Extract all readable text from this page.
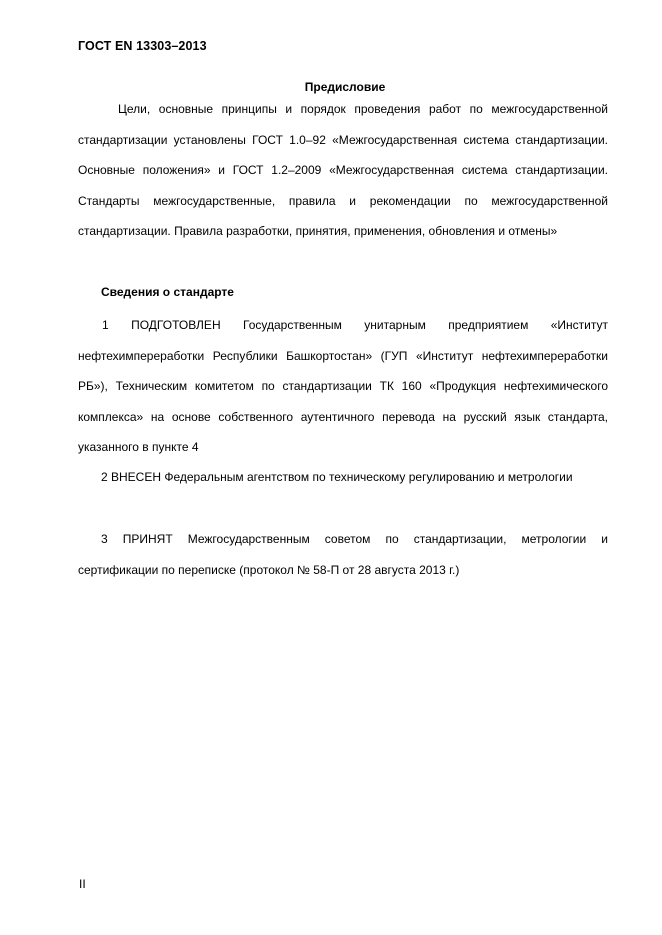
ГОСТ EN 13303–2013
Предисловие
Цели, основные принципы и порядок проведения работ по межгосударственной стандартизации установлены ГОСТ 1.0–92 «Межгосударственная система стандартизации. Основные положения» и ГОСТ 1.2–2009 «Межгосударственная система стандартизации. Стандарты межгосударственные, правила и рекомендации по межгосударственной стандартизации. Правила разработки, принятия, применения, обновления и отмены»
Сведения о стандарте
1 ПОДГОТОВЛЕН Государственным унитарным предприятием «Институт нефтехимпереработки Республики Башкортостан» (ГУП «Институт нефтехимпереработки РБ»), Техническим комитетом по стандартизации ТК 160 «Продукция нефтехимического комплекса» на основе собственного аутентичного перевода на русский язык стандарта, указанного в пункте 4
2 ВНЕСЕН Федеральным агентством по техническому регулированию и метрологии
3 ПРИНЯТ Межгосударственным советом по стандартизации, метрологии и сертификации по переписке (протокол № 58-П от 28 августа 2013 г.)
II
